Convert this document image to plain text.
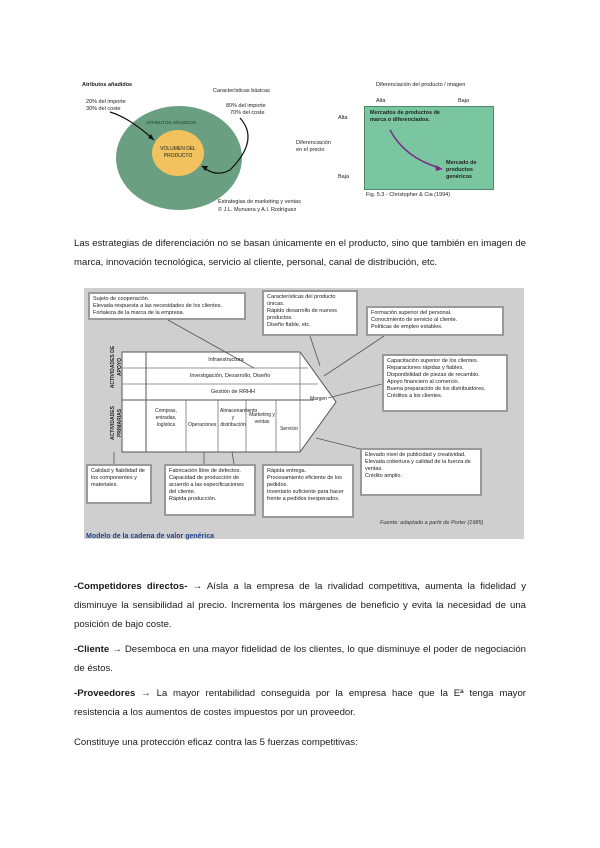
Atributos añadidos
20% del importe
30% del coste
Características básicas
80% del importe
70% del coste
ATRIBUTOS AÑADIDOS
VOLUMEN DEL PRODUCTO
Estrategias de marketing y ventas
© J.L. Munuera y A.I. Rodríguez
Diferenciación del producto / imagen
Alta	Baja
Alta
Diferenciación en el precio
Baja
Mercados de productos de marca o diferenciados.
Mercado de productos genéricos
Fig. 5.3 - Christopher & Cia (1994)

Las estrategias de diferenciación no se basan únicamente en el producto, sino que también en imagen de marca, innovación tecnológica, servicio al cliente, personal, canal de distribución, etc.

Sujeto de cooperación.
Elevada respuesta a las necesidades de los clientes.
Fortaleza de la marca de la empresa.
Características del producto únicas.
Rápido desarrollo de nuevos productos.
Diseño fiable, etc.
Formación superior del personal.
Conocimiento de servicio al cliente.
Políticas de empleo estables.
Capacitación superior de los clientes.
Reparaciones rápidas y fiables.
Disponibilidad de piezas de recambio.
Apoyo financiero al comercio.
Buena preparación de los distribuidores.
Créditos a los clientes.
ACTIVIDADES DE APOYO
ACTIVIDADES PRIMARIAS
Infraestructura
Investigación, Desarrollo, Diseño
Gestión de RRHH
Compras, entradas, logística	Operaciones
Almacenamiento y distribución
Marketing y ventas
Servicio
Margen
Calidad y fiabilidad de los componentes y materiales.
Fabricación libre de defectos.
Capacidad de producción de acuerdo a las especificaciones del cliente.
Rápida producción.
Rápida entrega.
Procesamiento eficiente de los pedidos.
Inventario suficiente para hacer frente a pedidos inesperados.
Elevado nivel de publicidad y creatividad.
Elevada cobertura y calidad de la fuerza de ventas.
Crédito amplio.
Fuente: adaptado a partir de Porter (1985)
Modelo de la cadena de valor genérica

-Competidores directos- → Aísla a la empresa de la rivalidad competitiva, aumenta la fidelidad y disminuye la sensibilidad al precio. Incrementa los márgenes de beneficio y evita la necesidad de una posición de bajo coste.

-Cliente → Desemboca en una mayor fidelidad de los clientes, lo que disminuye el poder de negociación de éstos.

-Proveedores → La mayor rentabilidad conseguida por la empresa hace que la Eª tenga mayor resistencia a los aumentos de costes impuestos por un proveedor.

Constituye una protección eficaz contra las 5 fuerzas competitivas:
